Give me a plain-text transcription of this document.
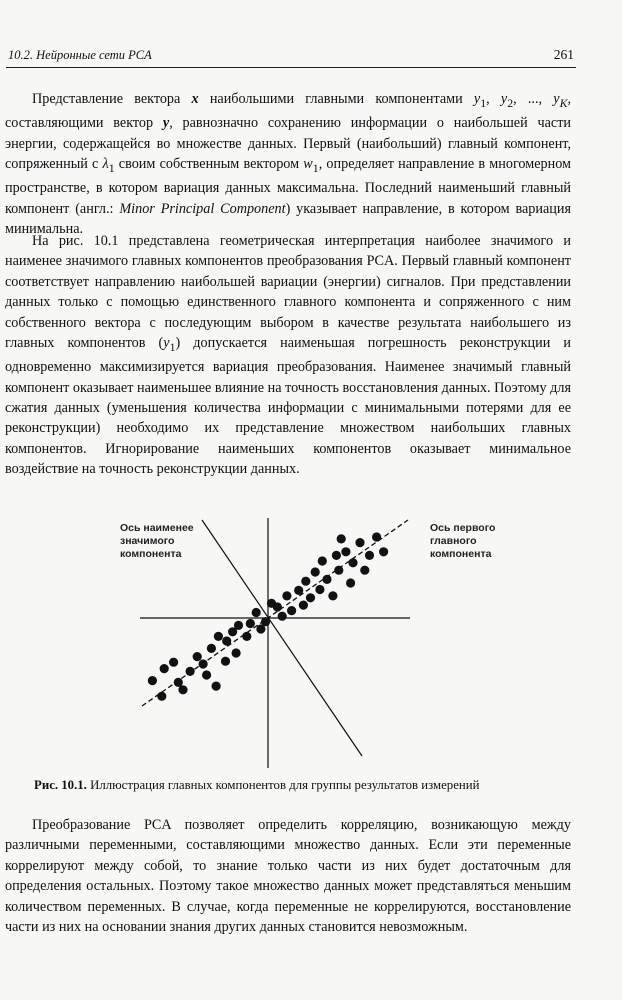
10.2. Нейронные сети PCA	261

Представление вектора x наибольшими главными компонентами $y_1$, $y_2$, ..., $y_K$, составляющими вектор y, равнозначно сохранению информации о наибольшей части энергии, содержащейся во множестве данных. Первый (наибольший) главный компонент, сопряженный с $\lambda_1$ своим собственным вектором $w_1$, определяет направление в многомерном пространстве, в котором вариация данных максимальна. Последний наименьший главный компонент (англ.: Minor Principal Component) указывает направление, в котором вариация минимальна.

На рис. 10.1 представлена геометрическая интерпретация наиболее значимого и наименее значимого главных компонентов преобразования PCA. Первый главный компонент соответствует направлению наибольшей вариации (энергии) сигналов. При представлении данных только с помощью единственного главного компонента и сопряженного с ним собственного вектора с последующим выбором в качестве результата наибольшего из главных компонентов $(y_1)$ допускается наименьшая погрешность реконструкции и одновременно максимизируется вариация преобразования. Наименее значимый главный компонент оказывает наименьшее влияние на точность восстановления данных. Поэтому для сжатия данных (уменьшения количества информации с минимальными потерями для ее реконструкции) необходимо их представление множеством наибольших главных компонентов. Игнорирование наименьших компонентов оказывает минимальное воздействие на точность реконструкции данных.

Ось наименее
значимого
компонента
Ось первого
главного
компонента
Рис. 10.1. Иллюстрация главных компонентов для группы результатов измерений

Преобразование PCA позволяет определить корреляцию, возникающую между различными переменными, составляющими множество данных. Если эти переменные коррелируют между собой, то знание только части из них будет достаточным для определения остальных. Поэтому такое множество данных может представляться меньшим количеством переменных. В случае, когда переменные не коррелируются, восстановление части из них на основании знания других данных становится невозможным.
